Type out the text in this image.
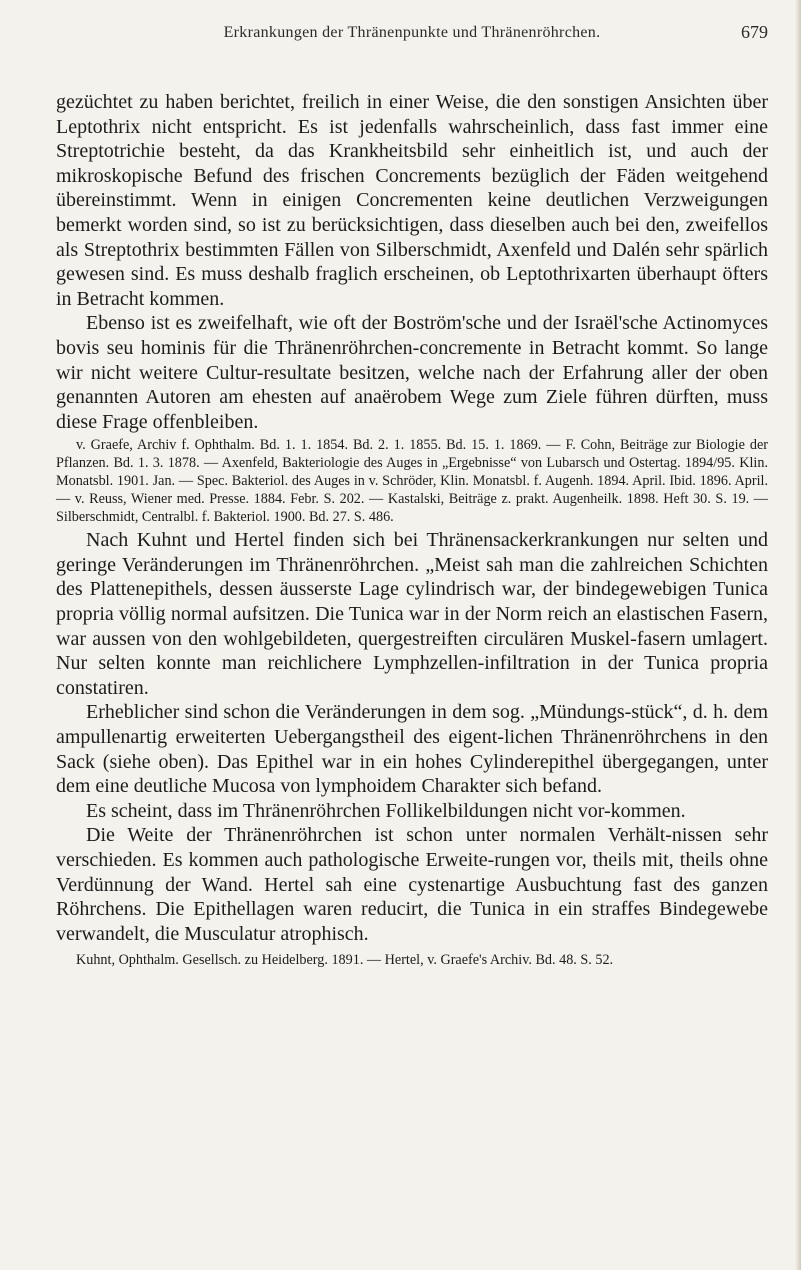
Erkrankungen der Thränenpunkte und Thränenröhrchen.	679

gezüchtet zu haben berichtet, freilich in einer Weise, die den sonstigen Ansichten über Leptothrix nicht entspricht. Es ist jedenfalls wahrscheinlich, dass fast immer eine Streptotrichie besteht, da das Krankheitsbild sehr einheitlich ist, und auch der mikroskopische Befund des frischen Concrements bezüglich der Fäden weitgehend übereinstimmt. Wenn in einigen Concrementen keine deutlichen Verzweigungen bemerkt worden sind, so ist zu berücksichtigen, dass dieselben auch bei den, zweifellos als Streptothrix bestimmten Fällen von Silberschmidt, Axenfeld und Dalén sehr spärlich gewesen sind. Es muss deshalb fraglich erscheinen, ob Leptothrixarten überhaupt öfters in Betracht kommen.

Ebenso ist es zweifelhaft, wie oft der Boström'sche und der Israël'sche Actinomyces bovis seu hominis für die Thränenröhrchen-concremente in Betracht kommt. So lange wir nicht weitere Cultur-resultate besitzen, welche nach der Erfahrung aller der oben genannten Autoren am ehesten auf anaërobem Wege zum Ziele führen dürften, muss diese Frage offenbleiben.

v. Graefe, Archiv f. Ophthalm. Bd. 1. 1. 1854. Bd. 2. 1. 1855. Bd. 15. 1. 1869. — F. Cohn, Beiträge zur Biologie der Pflanzen. Bd. 1. 3. 1878. — Axenfeld, Bakteriologie des Auges in „Ergebnisse“ von Lubarsch und Ostertag. 1894/95. Klin. Monatsbl. 1901. Jan. — Spec. Bakteriol. des Auges in v. Schröder, Klin. Monatsbl. f. Augenh. 1894. April. Ibid. 1896. April. — v. Reuss, Wiener med. Presse. 1884. Febr. S. 202. — Kastalski, Beiträge z. prakt. Augenheilk. 1898. Heft 30. S. 19. — Silberschmidt, Centralbl. f. Bakteriol. 1900. Bd. 27. S. 486.

Nach Kuhnt und Hertel finden sich bei Thränensackerkrankungen nur selten und geringe Veränderungen im Thränenröhrchen. „Meist sah man die zahlreichen Schichten des Plattenepithels, dessen äusserste Lage cylindrisch war, der bindegewebigen Tunica propria völlig normal aufsitzen. Die Tunica war in der Norm reich an elastischen Fasern, war aussen von den wohlgebildeten, quergestreiften circulären Muskel-fasern umlagert. Nur selten konnte man reichlichere Lymphzellen-infiltration in der Tunica propria constatiren.

Erheblicher sind schon die Veränderungen in dem sog. „Mündungs-stück“, d. h. dem ampullenartig erweiterten Uebergangstheil des eigent-lichen Thränenröhrchens in den Sack (siehe oben). Das Epithel war in ein hohes Cylinderepithel übergegangen, unter dem eine deutliche Mucosa von lymphoidem Charakter sich befand.

Es scheint, dass im Thränenröhrchen Follikelbildungen nicht vor-kommen.

Die Weite der Thränenröhrchen ist schon unter normalen Verhält-nissen sehr verschieden. Es kommen auch pathologische Erweite-rungen vor, theils mit, theils ohne Verdünnung der Wand. Hertel sah eine cystenartige Ausbuchtung fast des ganzen Röhrchens. Die Epithellagen waren reducirt, die Tunica in ein straffes Bindegewebe verwandelt, die Musculatur atrophisch.

Kuhnt, Ophthalm. Gesellsch. zu Heidelberg. 1891. — Hertel, v. Graefe's Archiv. Bd. 48. S. 52.
